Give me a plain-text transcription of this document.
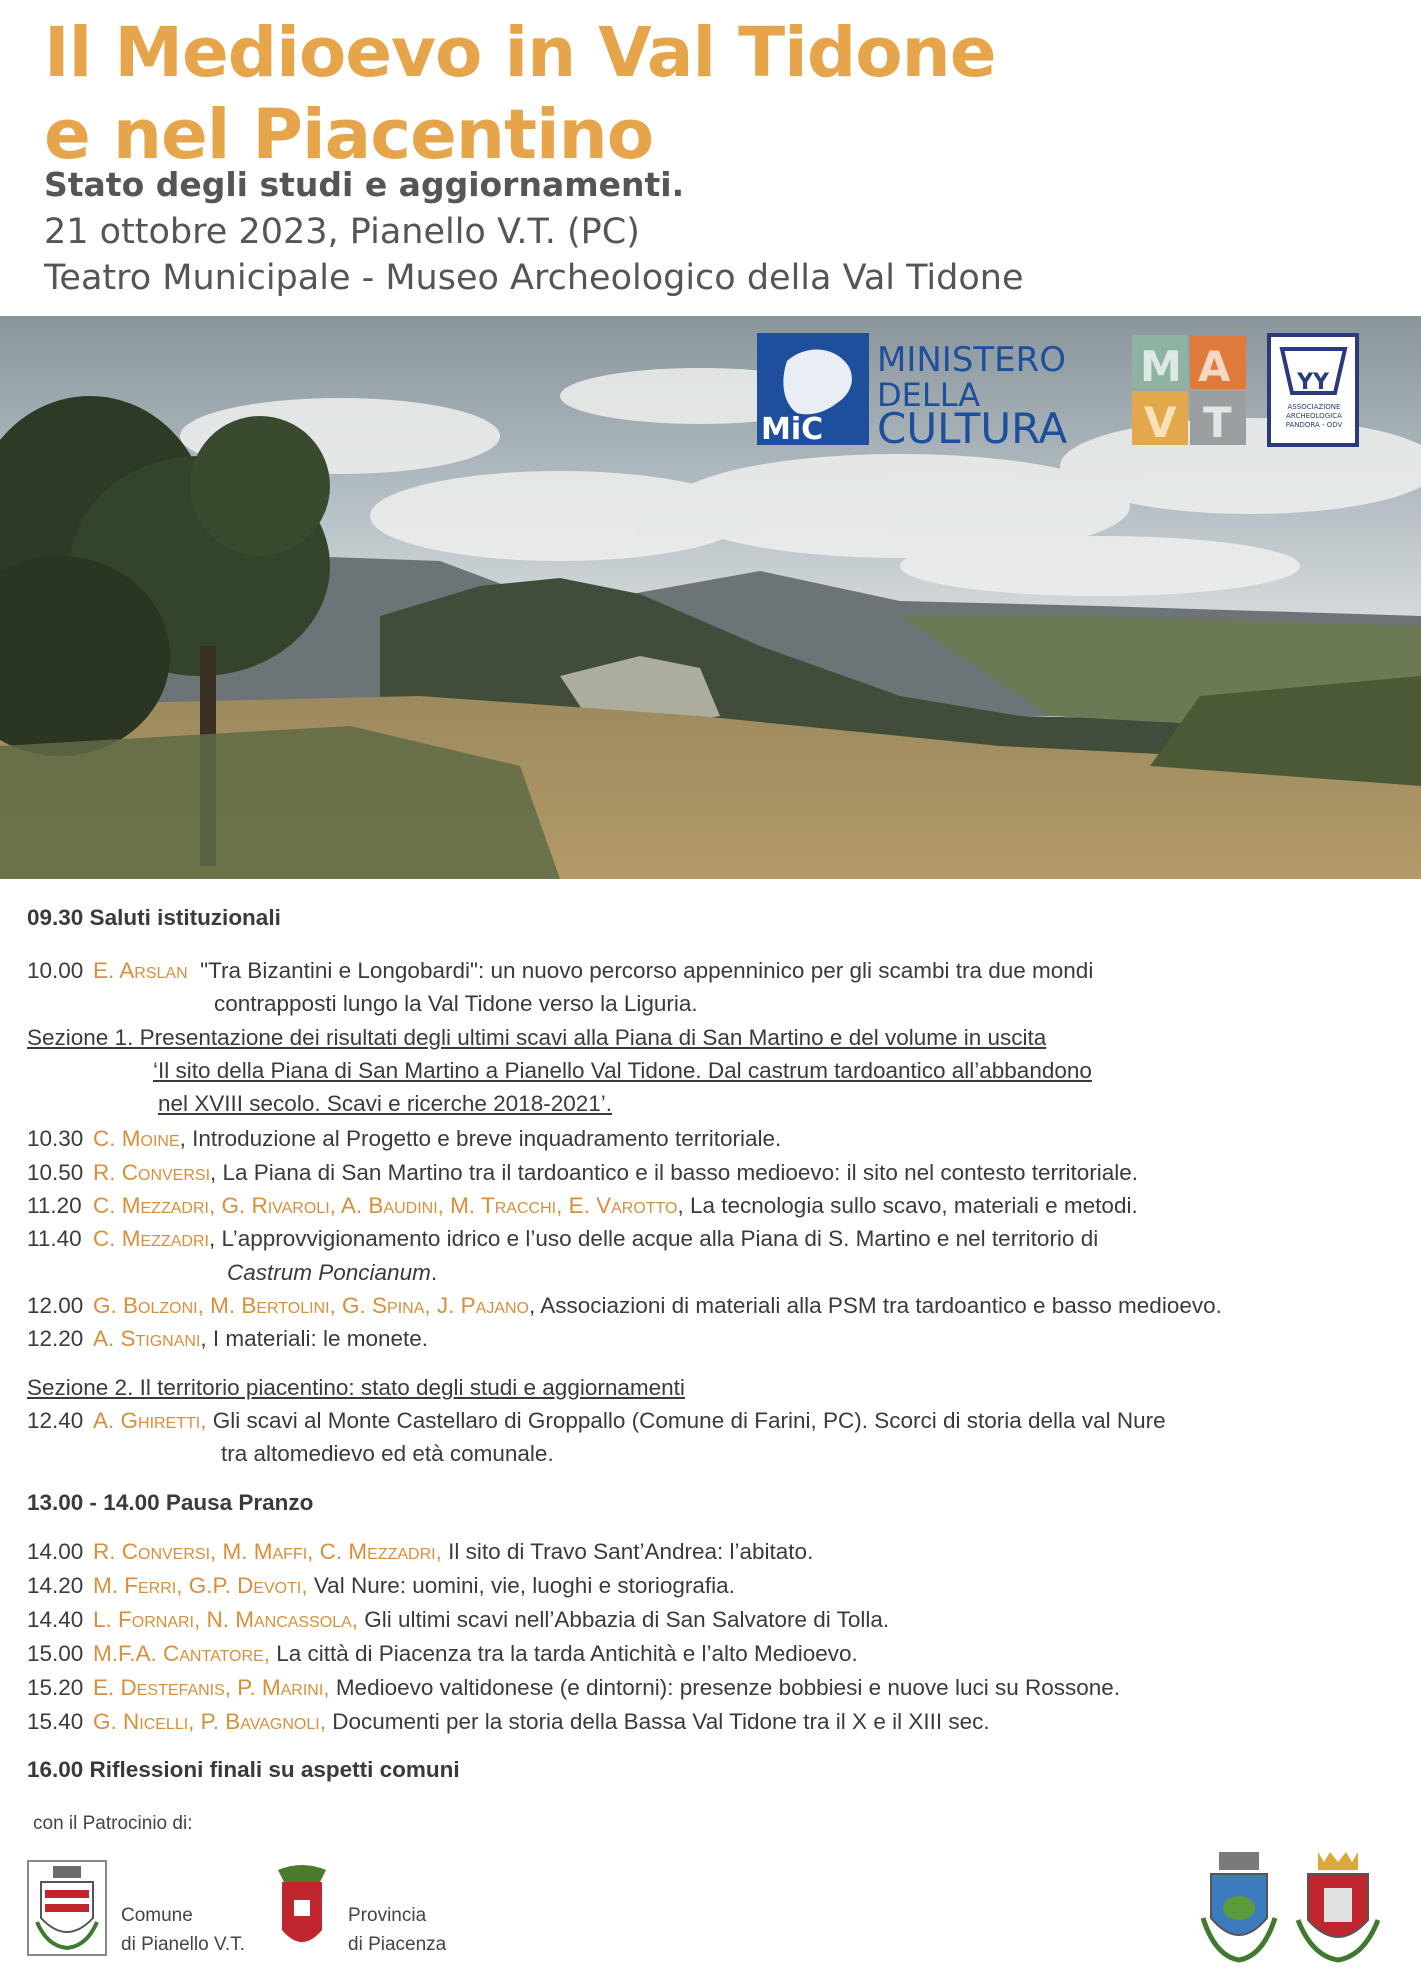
Il Medioevo in Val Tidone
e nel Piacentino
Stato degli studi e aggiornamenti.
21 ottobre 2023, Pianello V.T. (PC)
Teatro Municipale - Museo Archeologico della Val Tidone
MiC
MINISTERO
DELLA
CULTURA
M A
V T
YY
ASSOCIAZIONE ARCHEOLOGICA PANDORA - ODV
09.30 Saluti istituzionali
10.00 E. Arslan "Tra Bizantini e Longobardi": un nuovo percorso appenninico per gli scambi tra due mondi
contrapposti lungo la Val Tidone verso la Liguria.
Sezione 1. Presentazione dei risultati degli ultimi scavi alla Piana di San Martino e del volume in uscita
‘Il sito della Piana di San Martino a Pianello Val Tidone. Dal castrum tardoantico all’abbandono
nel XVIII secolo. Scavi e ricerche 2018-2021’.
10.30 C. Moine, Introduzione al Progetto e breve inquadramento territoriale.
10.50 R. Conversi, La Piana di San Martino tra il tardoantico e il basso medioevo: il sito nel contesto territoriale.
11.20 C. Mezzadri, G. Rivaroli, A. Baudini, M. Tracchi, E. Varotto, La tecnologia sullo scavo, materiali e metodi.
11.40 C. Mezzadri, L’approvvigionamento idrico e l’uso delle acque alla Piana di S. Martino e nel territorio di
Castrum Poncianum.
12.00 G. Bolzoni, M. Bertolini, G. Spina, J. Pajano, Associazioni di materiali alla PSM tra tardoantico e basso medioevo.
12.20 A. Stignani, I materiali: le monete.
Sezione 2. Il territorio piacentino: stato degli studi e aggiornamenti
12.40 A. Ghiretti, Gli scavi al Monte Castellaro di Groppallo (Comune di Farini, PC). Scorci di storia della val Nure
tra altomedievo ed età comunale.
13.00 - 14.00 Pausa Pranzo
14.00 R. Conversi, M. Maffi, C. Mezzadri, Il sito di Travo Sant’Andrea: l’abitato.
14.20 M. Ferri, G.P. Devoti, Val Nure: uomini, vie, luoghi e storiografia.
14.40 L. Fornari, N. Mancassola, Gli ultimi scavi nell’Abbazia di San Salvatore di Tolla.
15.00 M.F.A. Cantatore, La città di Piacenza tra la tarda Antichità e l’alto Medioevo.
15.20 E. Destefanis, P. Marini, Medioevo valtidonese (e dintorni): presenze bobbiesi e nuove luci su Rossone.
15.40 G. Nicelli, P. Bavagnoli, Documenti per la storia della Bassa Val Tidone tra il X e il XIII sec.
16.00 Riflessioni finali su aspetti comuni
con il Patrocinio di:
Comune
di Pianello V.T.
Provincia
di Piacenza
